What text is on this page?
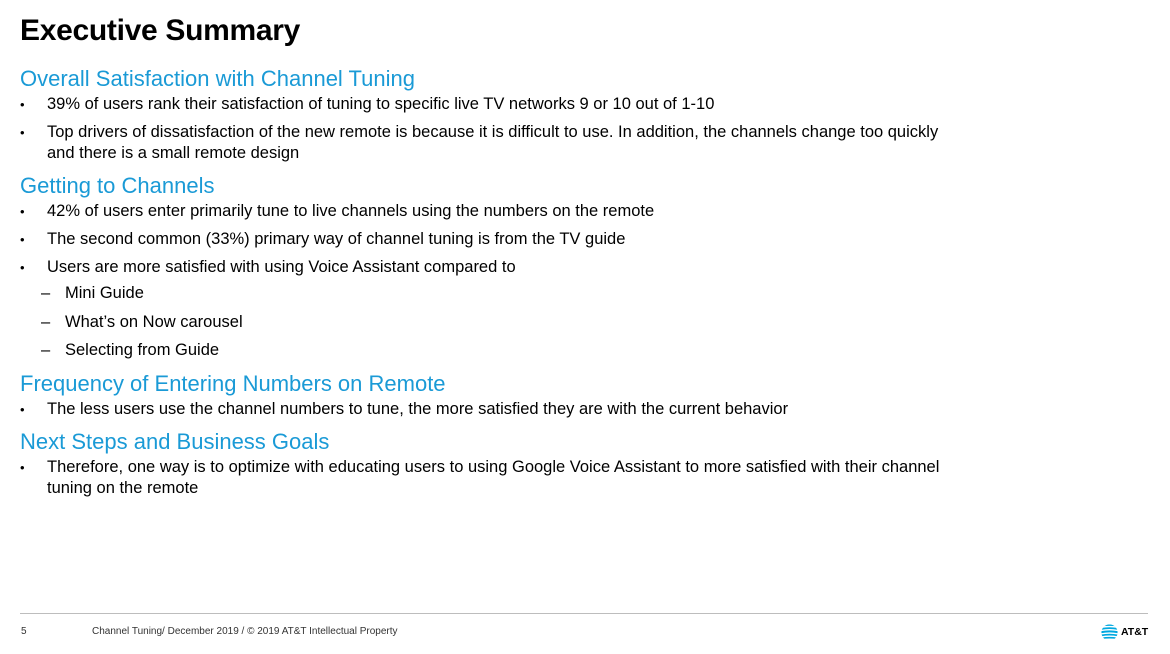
Executive Summary
Overall Satisfaction with Channel Tuning
•	39% of users rank their satisfaction of tuning to specific live TV networks 9 or 10 out of 1-10
•	Top drivers of dissatisfaction of the new remote is because it is difficult to use. In addition, the channels change too quickly and there is a small remote design
Getting to Channels
•	42% of users enter primarily tune to live channels using the numbers on the remote
•	The second common (33%) primary way of channel tuning is from the TV guide
•	Users are more satisfied with using Voice Assistant compared to
– Mini Guide
– What’s on Now carousel
– Selecting from Guide
Frequency of Entering Numbers on Remote
•	The less users use the channel numbers to tune, the more satisfied they are with the current behavior
Next Steps and Business Goals
•	Therefore, one way is to optimize with educating users to using Google Voice Assistant to more satisfied with their channel tuning on the remote
5	Channel Tuning/ December 2019 / © 2019 AT&T Intellectual Property	AT&T
